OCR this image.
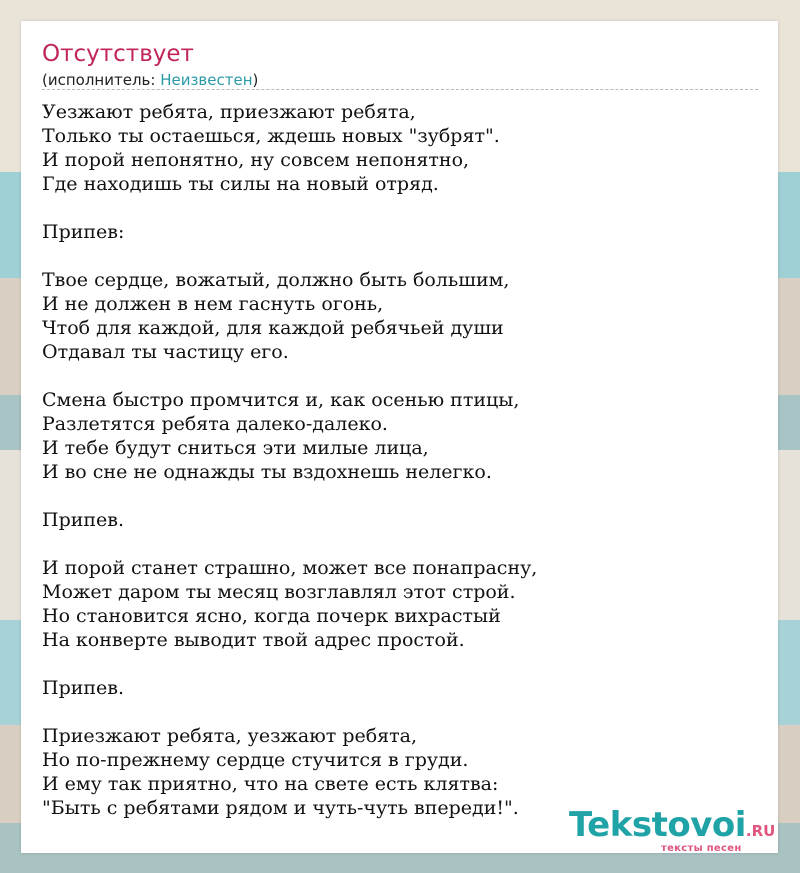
Отсутствует
(исполнитель: Неизвестен)
Уезжают ребята, приезжают ребята,
Только ты остаешься, ждешь новых "зубрят".
И порой непонятно, ну совсем непонятно,
Где находишь ты силы на новый отряд.
Припев:
Твое сердце, вожатый, должно быть большим,
И не должен в нем гаснуть огонь,
Чтоб для каждой, для каждой ребячьей души
Отдавал ты частицу его.
Смена быстро промчится и, как осенью птицы,
Разлетятся ребята далеко-далеко.
И тебе будут сниться эти милые лица,
И во сне не однажды ты вздохнешь нелегко.
Припев.
И порой станет страшно, может все понапрасну,
Может даром ты месяц возглавлял этот строй.
Но становится ясно, когда почерк вихрастый
На конверте выводит твой адрес простой.
Припев.
Приезжают ребята, уезжают ребята,
Но по-прежнему сердце стучится в груди.
И ему так приятно, что на свете есть клятва:
"Быть с ребятами рядом и чуть-чуть впереди!".	Tekstovoi.RU
тексты песен
